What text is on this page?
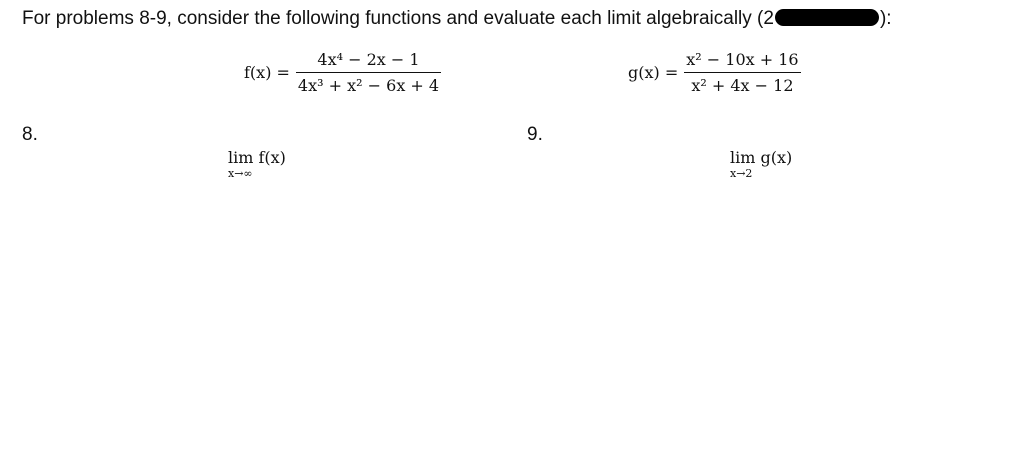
For problems 8-9, consider the following functions and evaluate each limit algebraically (2	):
$f(x) = \frac{\text{4x⁴ − 2x − 1}}{\text{4x³ + x² − 6x + 4}}$	$g(x) = \frac{\text{x² − 10x + 16}}{\text{x² + 4x − 12}}$
8.
lim f(x)
x→∞
9.
lim g(x)
x→2
